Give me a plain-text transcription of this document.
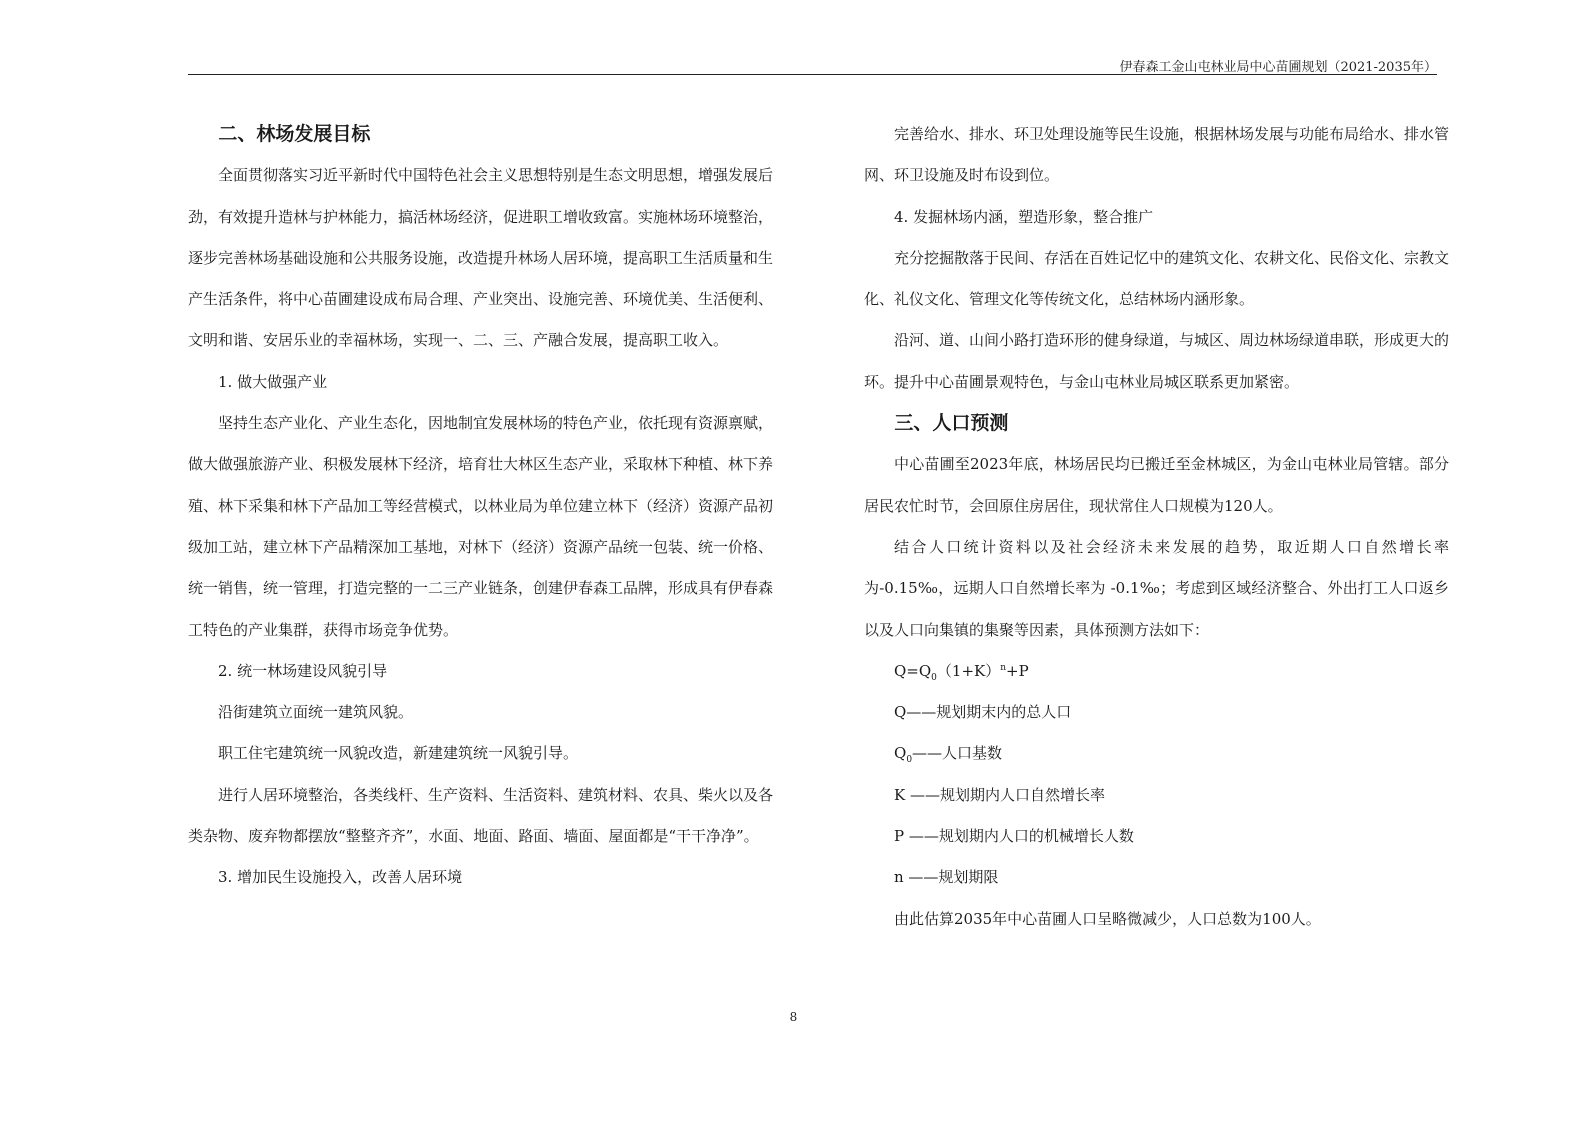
伊春森工金山屯林业局中心苗圃规划（2021-2035年）
二、林场发展目标

全面贯彻落实习近平新时代中国特色社会主义思想特别是生态文明思想，增强发展后劲，有效提升造林与护林能力，搞活林场经济，促进职工增收致富。实施林场环境整治，逐步完善林场基础设施和公共服务设施，改造提升林场人居环境，提高职工生活质量和生产生活条件，将中心苗圃建设成布局合理、产业突出、设施完善、环境优美、生活便利、文明和谐、安居乐业的幸福林场，实现一、二、三、产融合发展，提高职工收入。

1. 做大做强产业

坚持生态产业化、产业生态化，因地制宜发展林场的特色产业，依托现有资源禀赋，做大做强旅游产业、积极发展林下经济，培育壮大林区生态产业，采取林下种植、林下养殖、林下采集和林下产品加工等经营模式，以林业局为单位建立林下（经济）资源产品初级加工站，建立林下产品精深加工基地，对林下（经济）资源产品统一包装、统一价格、统一销售，统一管理，打造完整的一二三产业链条，创建伊春森工品牌，形成具有伊春森工特色的产业集群，获得市场竞争优势。

2. 统一林场建设风貌引导

沿街建筑立面统一建筑风貌。

职工住宅建筑统一风貌改造，新建建筑统一风貌引导。

进行人居环境整治，各类线杆、生产资料、生活资料、建筑材料、农具、柴火以及各类杂物、废弃物都摆放“整整齐齐”，水面、地面、路面、墙面、屋面都是“干干净净”。

3. 增加民生设施投入，改善人居环境

完善给水、排水、环卫处理设施等民生设施，根据林场发展与功能布局给水、排水管网、环卫设施及时布设到位。

4. 发掘林场内涵，塑造形象，整合推广

充分挖掘散落于民间、存活在百姓记忆中的建筑文化、农耕文化、民俗文化、宗教文化、礼仪文化、管理文化等传统文化，总结林场内涵形象。

沿河、道、山间小路打造环形的健身绿道，与城区、周边林场绿道串联，形成更大的环。提升中心苗圃景观特色，与金山屯林业局城区联系更加紧密。

三、人口预测

中心苗圃至2023年底，林场居民均已搬迁至金林城区，为金山屯林业局管辖。部分居民农忙时节，会回原住房居住，现状常住人口规模为120人。

结合人口统计资料以及社会经济未来发展的趋势，取近期人口自然增长率为-0.15‰，远期人口自然增长率为 -0.1‰；考虑到区域经济整合、外出打工人口返乡以及人口向集镇的集聚等因素，具体预测方法如下：

$Q=Q_0(1+K)^n+P$

Q——规划期末内的总人口

$Q_0——$人口基数

K ——规划期内人口自然增长率

P ——规划期内人口的机械增长人数

n ——规划期限

由此估算2035年中心苗圃人口呈略微减少，人口总数为100人。

8
